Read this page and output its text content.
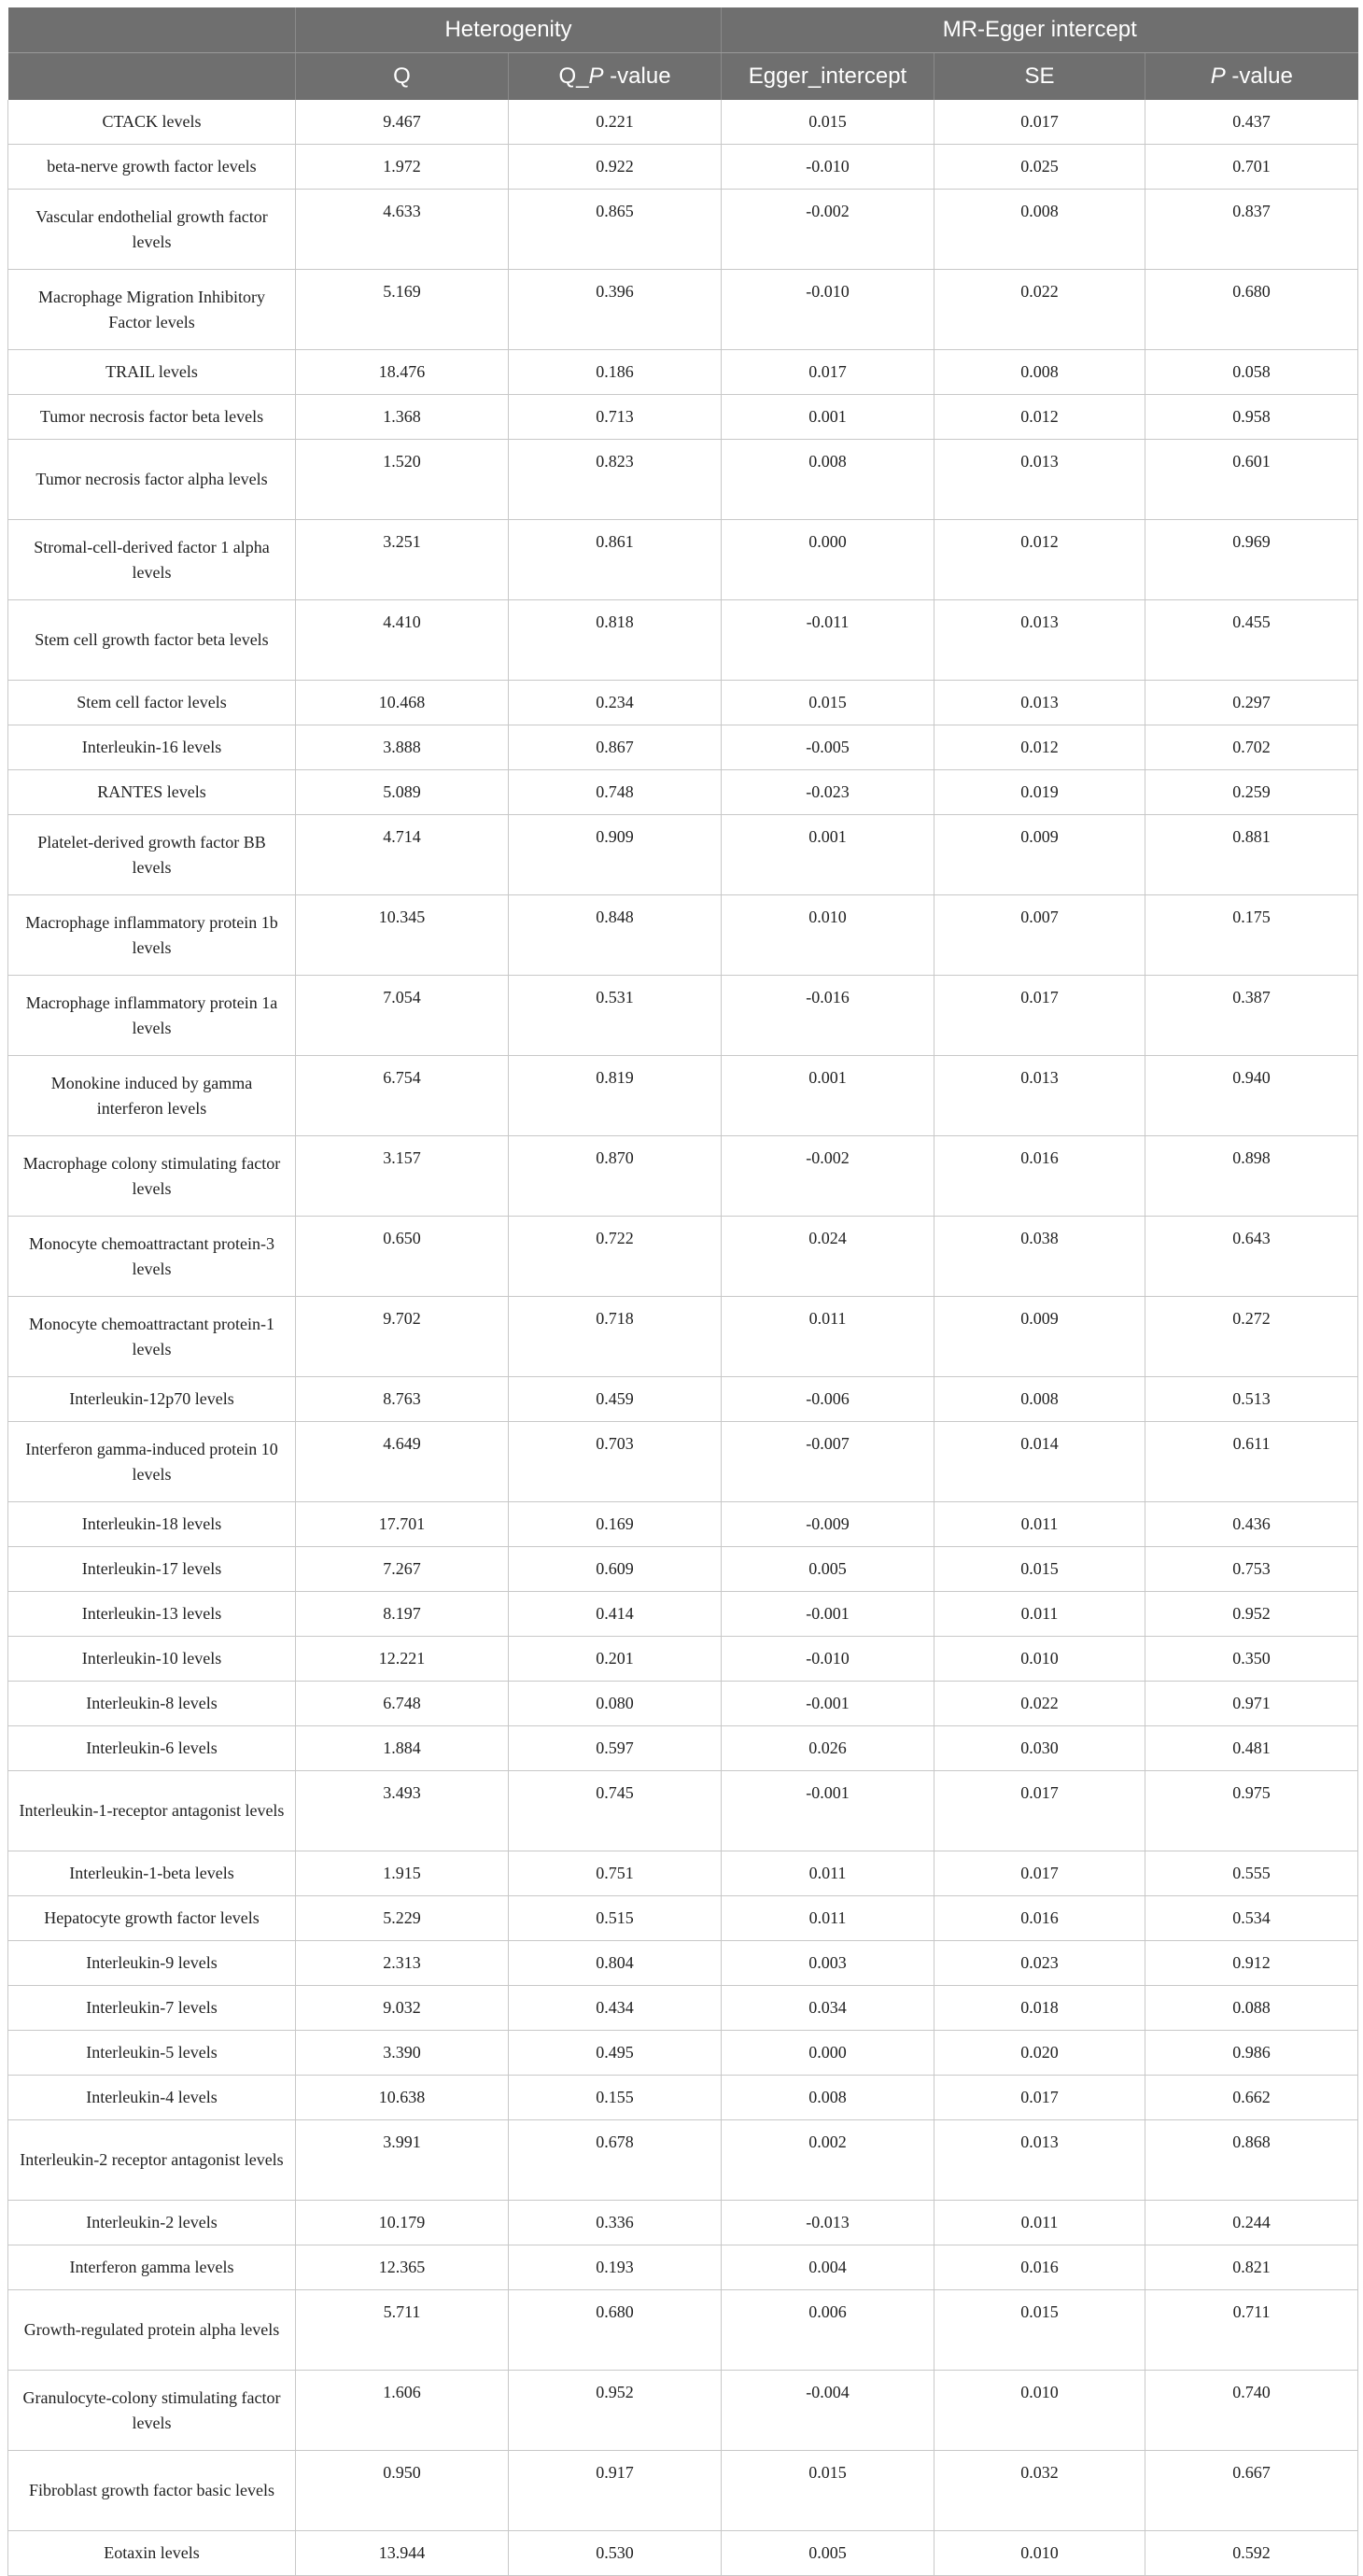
	Heterogenity		MR-Egger intercept		
	Q	Q_P -value	Egger_intercept	SE	P -value
CTACK levels	9.467	0.221	0.015	0.017	0.437
beta-nerve growth factor levels	1.972	0.922	-0.010	0.025	0.701
Vascular endothelial growth factor levels	4.633	0.865	-0.002	0.008	0.837
Macrophage Migration Inhibitory Factor levels	5.169	0.396	-0.010	0.022	0.680
TRAIL levels	18.476	0.186	0.017	0.008	0.058
Tumor necrosis factor beta levels	1.368	0.713	0.001	0.012	0.958
Tumor necrosis factor alpha levels	1.520	0.823	0.008	0.013	0.601
Stromal-cell-derived factor 1 alpha levels	3.251	0.861	0.000	0.012	0.969
Stem cell growth factor beta levels	4.410	0.818	-0.011	0.013	0.455
Stem cell factor levels	10.468	0.234	0.015	0.013	0.297
Interleukin-16 levels	3.888	0.867	-0.005	0.012	0.702
RANTES levels	5.089	0.748	-0.023	0.019	0.259
Platelet-derived growth factor BB levels	4.714	0.909	0.001	0.009	0.881
Macrophage inflammatory protein 1b levels	10.345	0.848	0.010	0.007	0.175
Macrophage inflammatory protein 1a levels	7.054	0.531	-0.016	0.017	0.387
Monokine induced by gamma interferon levels	6.754	0.819	0.001	0.013	0.940
Macrophage colony stimulating factor levels	3.157	0.870	-0.002	0.016	0.898
Monocyte chemoattractant protein-3 levels	0.650	0.722	0.024	0.038	0.643
Monocyte chemoattractant protein-1 levels	9.702	0.718	0.011	0.009	0.272
Interleukin-12p70 levels	8.763	0.459	-0.006	0.008	0.513
Interferon gamma-induced protein 10 levels	4.649	0.703	-0.007	0.014	0.611
Interleukin-18 levels	17.701	0.169	-0.009	0.011	0.436
Interleukin-17 levels	7.267	0.609	0.005	0.015	0.753
Interleukin-13 levels	8.197	0.414	-0.001	0.011	0.952
Interleukin-10 levels	12.221	0.201	-0.010	0.010	0.350
Interleukin-8 levels	6.748	0.080	-0.001	0.022	0.971
Interleukin-6 levels	1.884	0.597	0.026	0.030	0.481
Interleukin-1-receptor antagonist levels	3.493	0.745	-0.001	0.017	0.975
Interleukin-1-beta levels	1.915	0.751	0.011	0.017	0.555
Hepatocyte growth factor levels	5.229	0.515	0.011	0.016	0.534
Interleukin-9 levels	2.313	0.804	0.003	0.023	0.912
Interleukin-7 levels	9.032	0.434	0.034	0.018	0.088
Interleukin-5 levels	3.390	0.495	0.000	0.020	0.986
Interleukin-4 levels	10.638	0.155	0.008	0.017	0.662
Interleukin-2 receptor antagonist levels	3.991	0.678	0.002	0.013	0.868
Interleukin-2 levels	10.179	0.336	-0.013	0.011	0.244
Interferon gamma levels	12.365	0.193	0.004	0.016	0.821
Growth-regulated protein alpha levels	5.711	0.680	0.006	0.015	0.711
Granulocyte-colony stimulating factor levels	1.606	0.952	-0.004	0.010	0.740
Fibroblast growth factor basic levels	0.950	0.917	0.015	0.032	0.667
Eotaxin levels	13.944	0.530	0.005	0.010	0.592
